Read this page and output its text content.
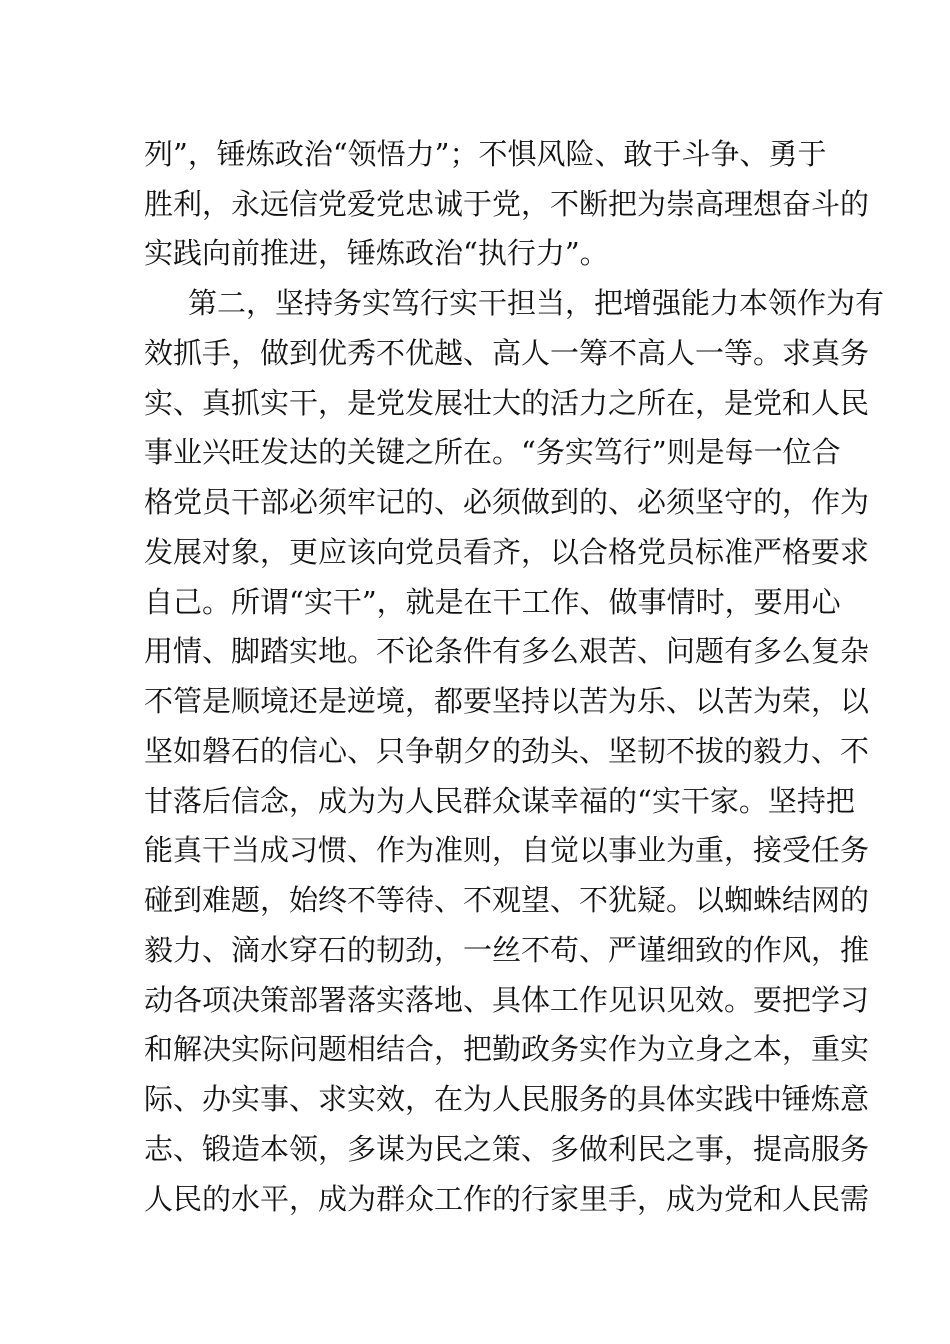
列”，锤炼政治“领悟力”；不惧风险、敢于斗争、勇于
胜利，永远信党爱党忠诚于党，不断把为崇高理想奋斗的
实践向前推进，锤炼政治“执行力”。
第二，坚持务实笃行实干担当，把增强能力本领作为有
效抓手，做到优秀不优越、高人一筹不高人一等。求真务
实、真抓实干，是党发展壮大的活力之所在，是党和人民
事业兴旺发达的关键之所在。“务实笃行”则是每一位合
格党员干部必须牢记的、必须做到的、必须坚守的，作为
发展对象，更应该向党员看齐，以合格党员标准严格要求
自己。所谓“实干”，就是在干工作、做事情时，要用心
用情、脚踏实地。不论条件有多么艰苦、问题有多么复杂
不管是顺境还是逆境，都要坚持以苦为乐、以苦为荣，以
坚如磐石的信心、只争朝夕的劲头、坚韧不拔的毅力、不
甘落后信念，成为为人民群众谋幸福的“实干家。坚持把
能真干当成习惯、作为准则，自觉以事业为重，接受任务
碰到难题，始终不等待、不观望、不犹疑。以蜘蛛结网的
毅力、滴水穿石的韧劲，一丝不苟、严谨细致的作风，推
动各项决策部署落实落地、具体工作见识见效。要把学习
和解决实际问题相结合，把勤政务实作为立身之本，重实
际、办实事、求实效，在为人民服务的具体实践中锤炼意
志、锻造本领，多谋为民之策、多做利民之事，提高服务
人民的水平，成为群众工作的行家里手，成为党和人民需
